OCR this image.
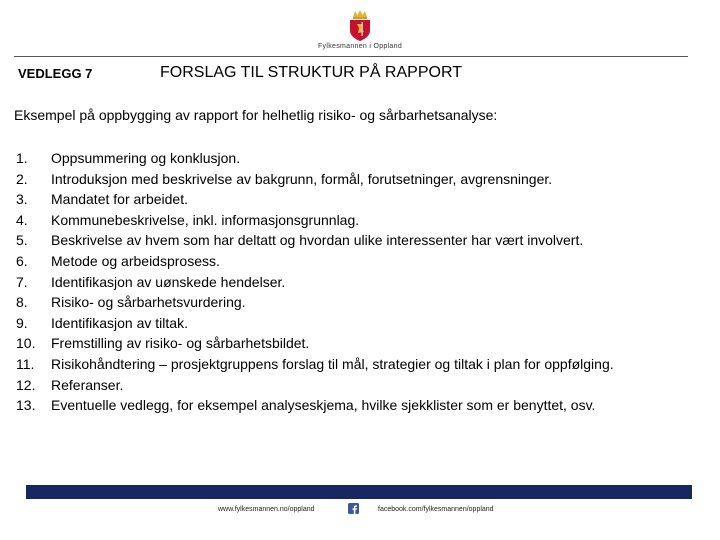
Fylkesmannen i Oppland
VEDLEGG 7	FORSLAG TIL STRUKTUR PÅ RAPPORT
Eksempel på oppbygging av rapport for helhetlig risiko- og sårbarhetsanalyse:
1.	Oppsummering og konklusjon.
2.	Introduksjon med beskrivelse av bakgrunn, formål, forutsetninger, avgrensninger.
3.	Mandatet for arbeidet.
4.	Kommunebeskrivelse, inkl. informasjonsgrunnlag.
5.	Beskrivelse av hvem som har deltatt og hvordan ulike interessenter har vært involvert.
6.	Metode og arbeidsprosess.
7.	Identifikasjon av uønskede hendelser.
8.	Risiko- og sårbarhetsvurdering.
9.	Identifikasjon av tiltak.
10.	Fremstilling av risiko- og sårbarhetsbildet.
11.	Risikohåndtering – prosjektgruppens forslag til mål, strategier og tiltak i plan for oppfølging.
12.	Referanser.
13.	Eventuelle vedlegg, for eksempel analyseskjema, hvilke sjekklister som er benyttet, osv.
www.fylkesmannen.no/oppland	facebook.com/fylkesmannen/oppland
